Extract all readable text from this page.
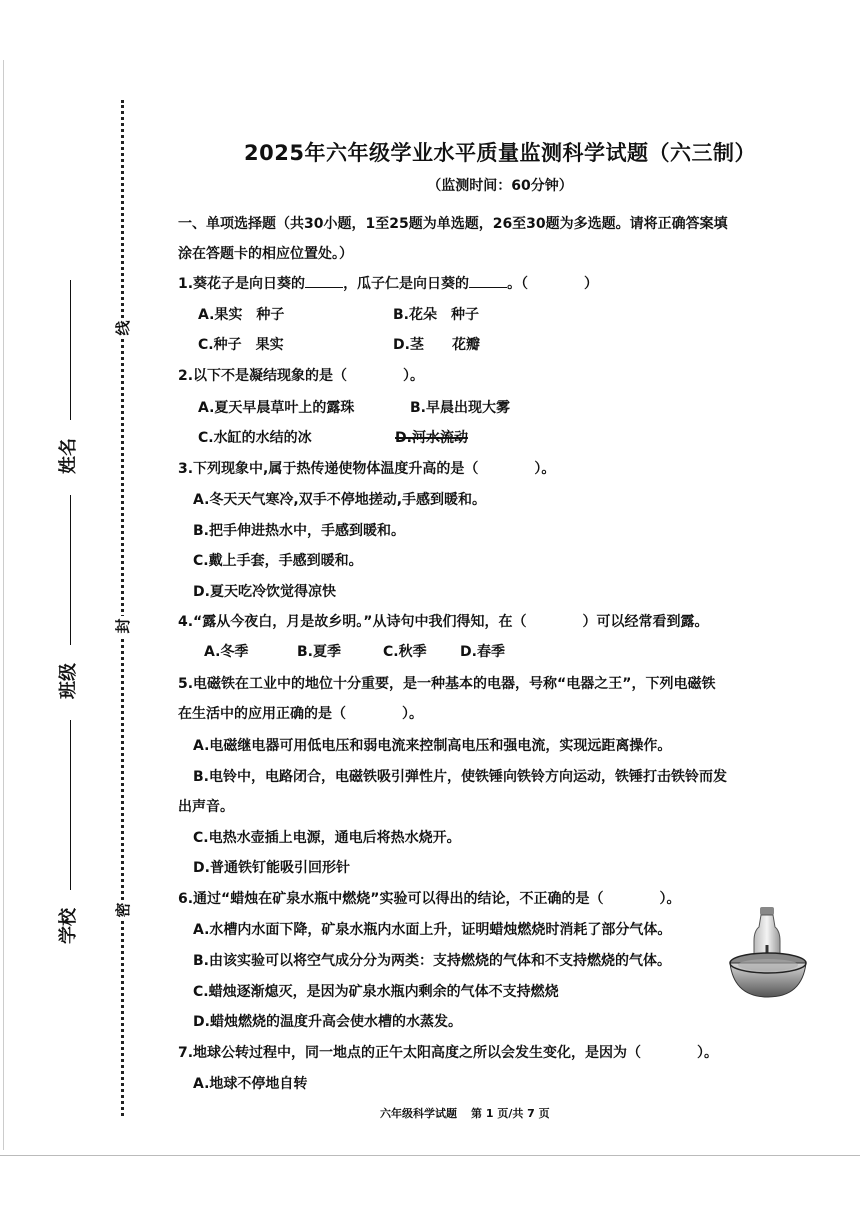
线
封
密
姓名
班级
学校
2025年六年级学业水平质量监测科学试题（六三制）
（监测时间：60分钟）
一、单项选择题（共30小题，1至25题为单选题，26至30题为多选题。请将正确答案填
涂在答题卡的相应位置处。）
1.葵花子是向日葵的	，瓜子仁是向日葵的	。（　　　　）
A.果实　种子	B.花朵　种子
C.种子　果实	D.茎　　花瓣
2.以下不是凝结现象的是（　　　　）。
A.夏天早晨草叶上的露珠	B.早晨出现大雾
C.水缸的水结的冰	D.河水流动
3.下列现象中,属于热传递使物体温度升高的是（　　　　）。
A.冬天天气寒冷,双手不停地搓动,手感到暖和。
B.把手伸进热水中，手感到暖和。
C.戴上手套，手感到暖和。
D.夏天吃冷饮觉得凉快
4.“露从今夜白，月是故乡明。”从诗句中我们得知，在（　　　　）可以经常看到露。
A.冬季	B.夏季	C.秋季 D.春季
5.电磁铁在工业中的地位十分重要，是一种基本的电器，号称“电器之王”，下列电磁铁
在生活中的应用正确的是（　　　　）。
A.电磁继电器可用低电压和弱电流来控制高电压和强电流，实现远距离操作。
B.电铃中，电路闭合，电磁铁吸引弹性片，使铁锤向铁铃方向运动，铁锤打击铁铃而发
出声音。
C.电热水壶插上电源，通电后将热水烧开。
D.普通铁钉能吸引回形针
6.通过“蜡烛在矿泉水瓶中燃烧”实验可以得出的结论，不正确的是（　　　　）。
A.水槽内水面下降，矿泉水瓶内水面上升，证明蜡烛燃烧时消耗了部分气体。
B.由该实验可以将空气成分分为两类：支持燃烧的气体和不支持燃烧的气体。
C.蜡烛逐渐熄灭，是因为矿泉水瓶内剩余的气体不支持燃烧
D.蜡烛燃烧的温度升高会使水槽的水蒸发。
7.地球公转过程中，同一地点的正午太阳高度之所以会发生变化，是因为（　　　　）。
A.地球不停地自转
六年级科学试题 第 1 页/共 7 页
